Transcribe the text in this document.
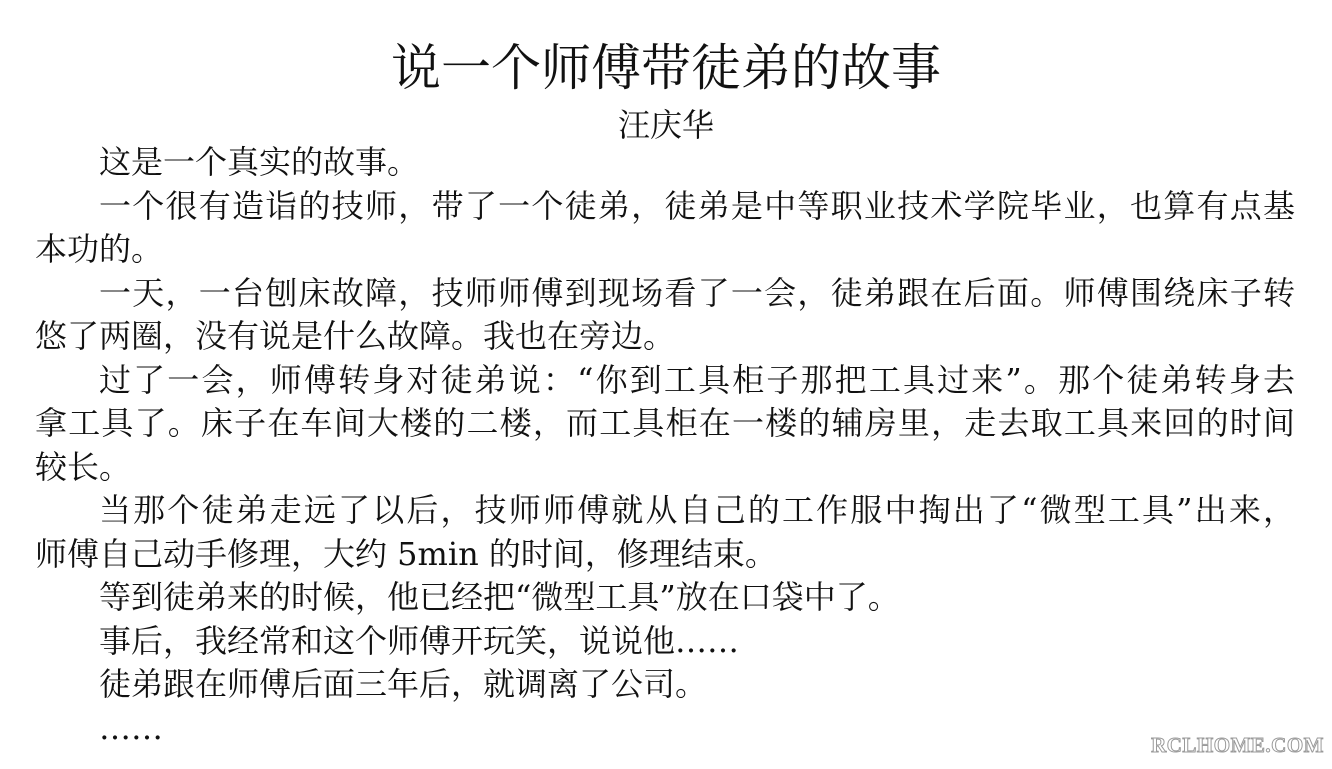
说一个师傅带徒弟的故事
汪庆华
这是一个真实的故事。
一个很有造诣的技师，带了一个徒弟，徒弟是中等职业技术学院毕业，也算有点基
本功的。
一天，一台刨床故障，技师师傅到现场看了一会，徒弟跟在后面。师傅围绕床子转
悠了两圈，没有说是什么故障。我也在旁边。
过了一会，师傅转身对徒弟说：“你到工具柜子那把工具过来”。那个徒弟转身去
拿工具了。床子在车间大楼的二楼，而工具柜在一楼的辅房里，走去取工具来回的时间
较长。
当那个徒弟走远了以后，技师师傅就从自己的工作服中掏出了“微型工具”出来，
师傅自己动手修理，大约 5min 的时间，修理结束。
等到徒弟来的时候，他已经把“微型工具”放在口袋中了。
事后，我经常和这个师傅开玩笑，说说他……
徒弟跟在师傅后面三年后，就调离了公司。
……	RCLHOME.COM
